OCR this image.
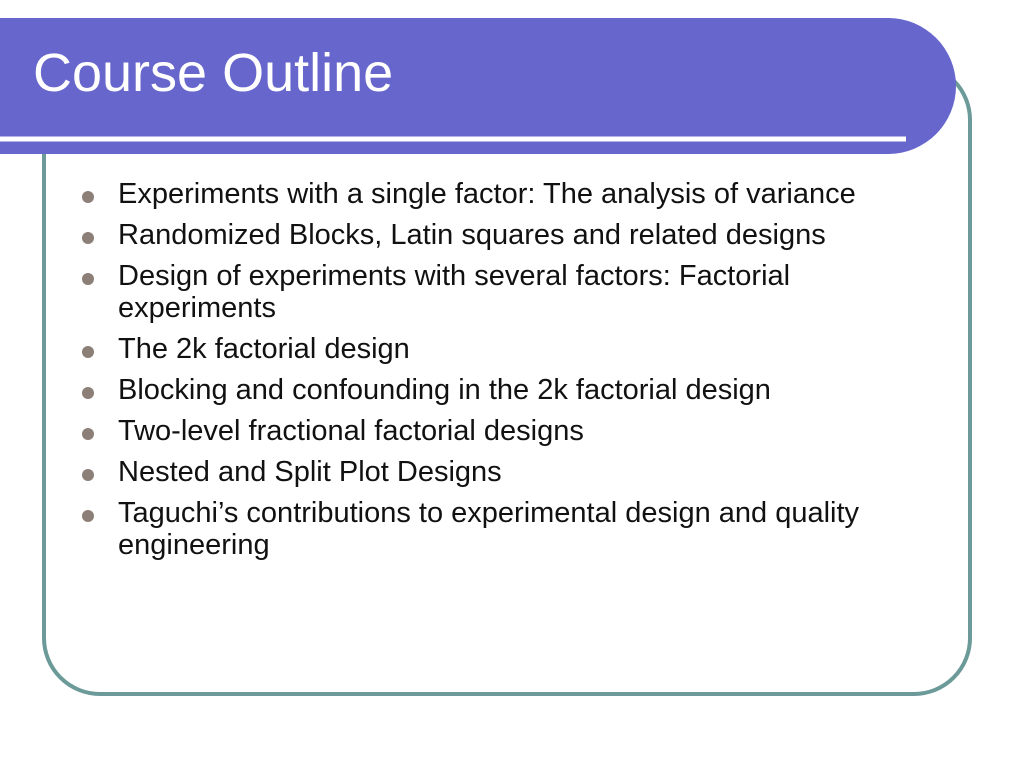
Course Outline
Experiments with a single factor: The analysis of variance
Randomized Blocks, Latin squares and related designs
Design of experiments with several factors: Factorial experiments
The 2k factorial design
Blocking and confounding in the 2k factorial design
Two-level fractional factorial designs
Nested and Split Plot Designs
Taguchi’s contributions to experimental design and quality engineering
